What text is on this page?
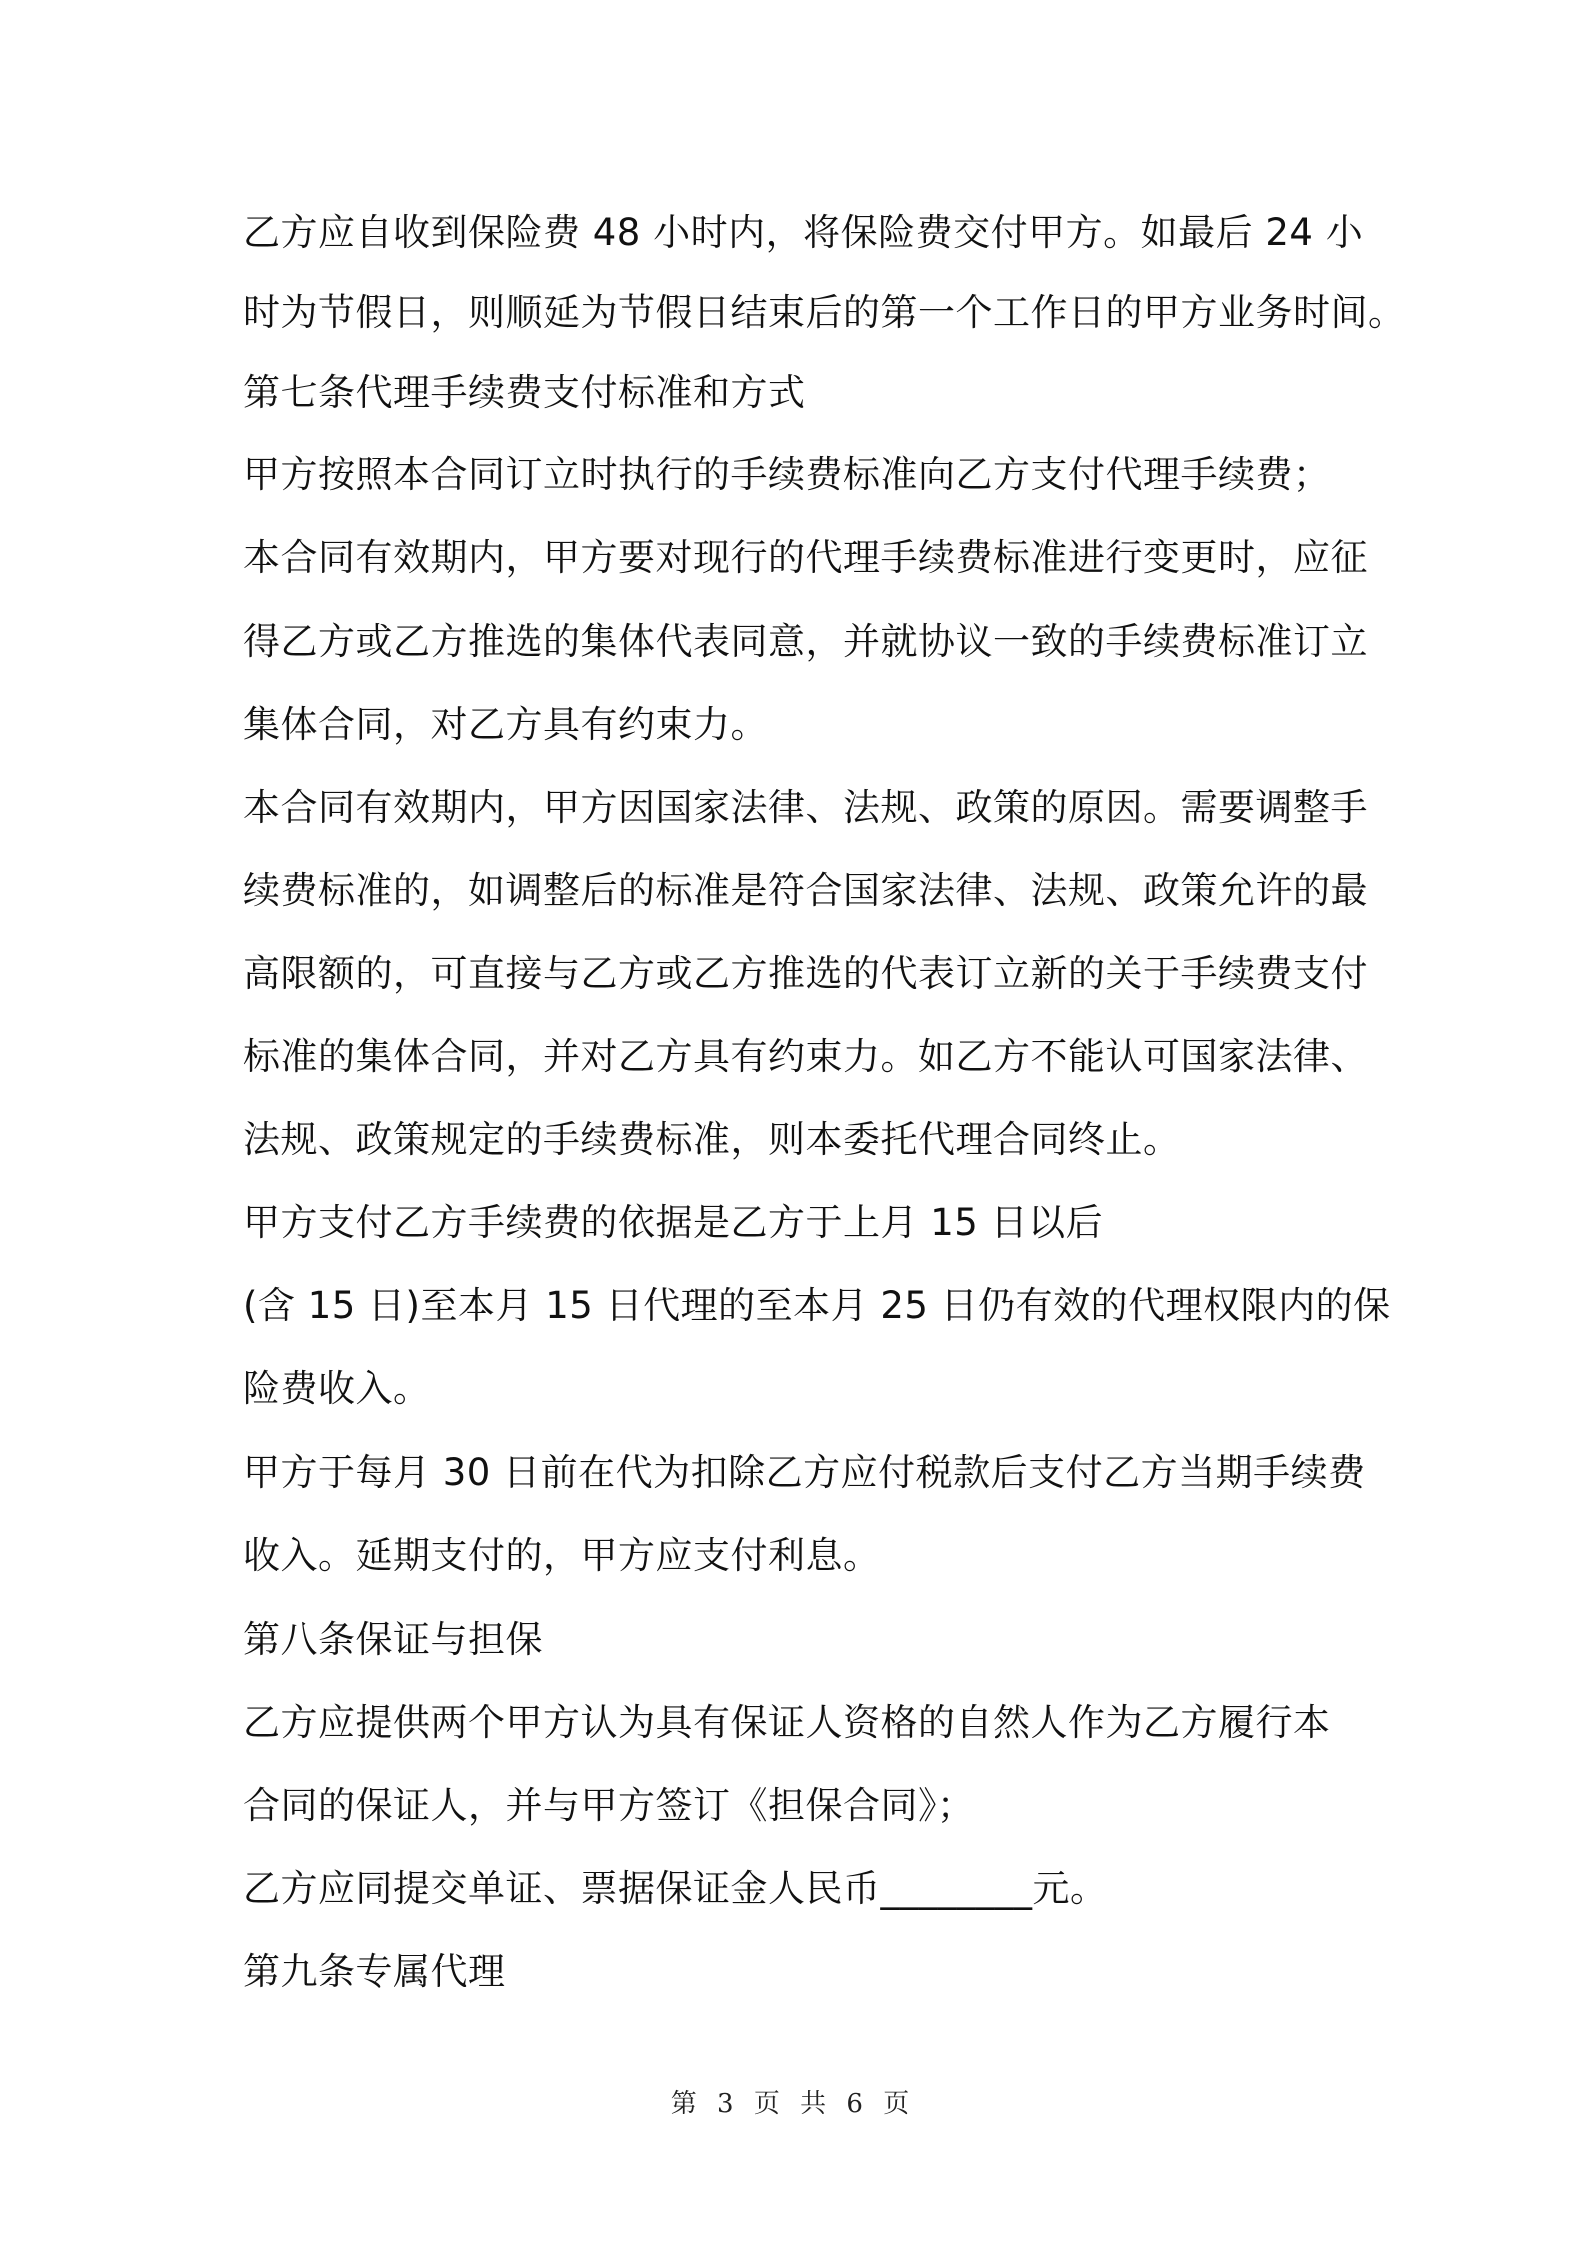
乙方应自收到保险费 48 小时内，将保险费交付甲方。如最后 24 小
时为节假日，则顺延为节假日结束后的第一个工作日的甲方业务时间。
第七条代理手续费支付标准和方式
甲方按照本合同订立时执行的手续费标准向乙方支付代理手续费；
本合同有效期内，甲方要对现行的代理手续费标准进行变更时，应征
得乙方或乙方推选的集体代表同意，并就协议一致的手续费标准订立
集体合同，对乙方具有约束力。
本合同有效期内，甲方因国家法律、法规、政策的原因。需要调整手
续费标准的，如调整后的标准是符合国家法律、法规、政策允许的最
高限额的，可直接与乙方或乙方推选的代表订立新的关于手续费支付
标准的集体合同，并对乙方具有约束力。如乙方不能认可国家法律、
法规、政策规定的手续费标准，则本委托代理合同终止。
甲方支付乙方手续费的依据是乙方于上月 15 日以后
(含 15 日)至本月 15 日代理的至本月 25 日仍有效的代理权限内的保
险费收入。
甲方于每月 30 日前在代为扣除乙方应付税款后支付乙方当期手续费
收入。延期支付的，甲方应支付利息。
第八条保证与担保
乙方应提供两个甲方认为具有保证人资格的自然人作为乙方履行本
合同的保证人，并与甲方签订《担保合同》；
乙方应同提交单证、票据保证金人民币________元。
第九条专属代理
第 3 页 共 6 页
